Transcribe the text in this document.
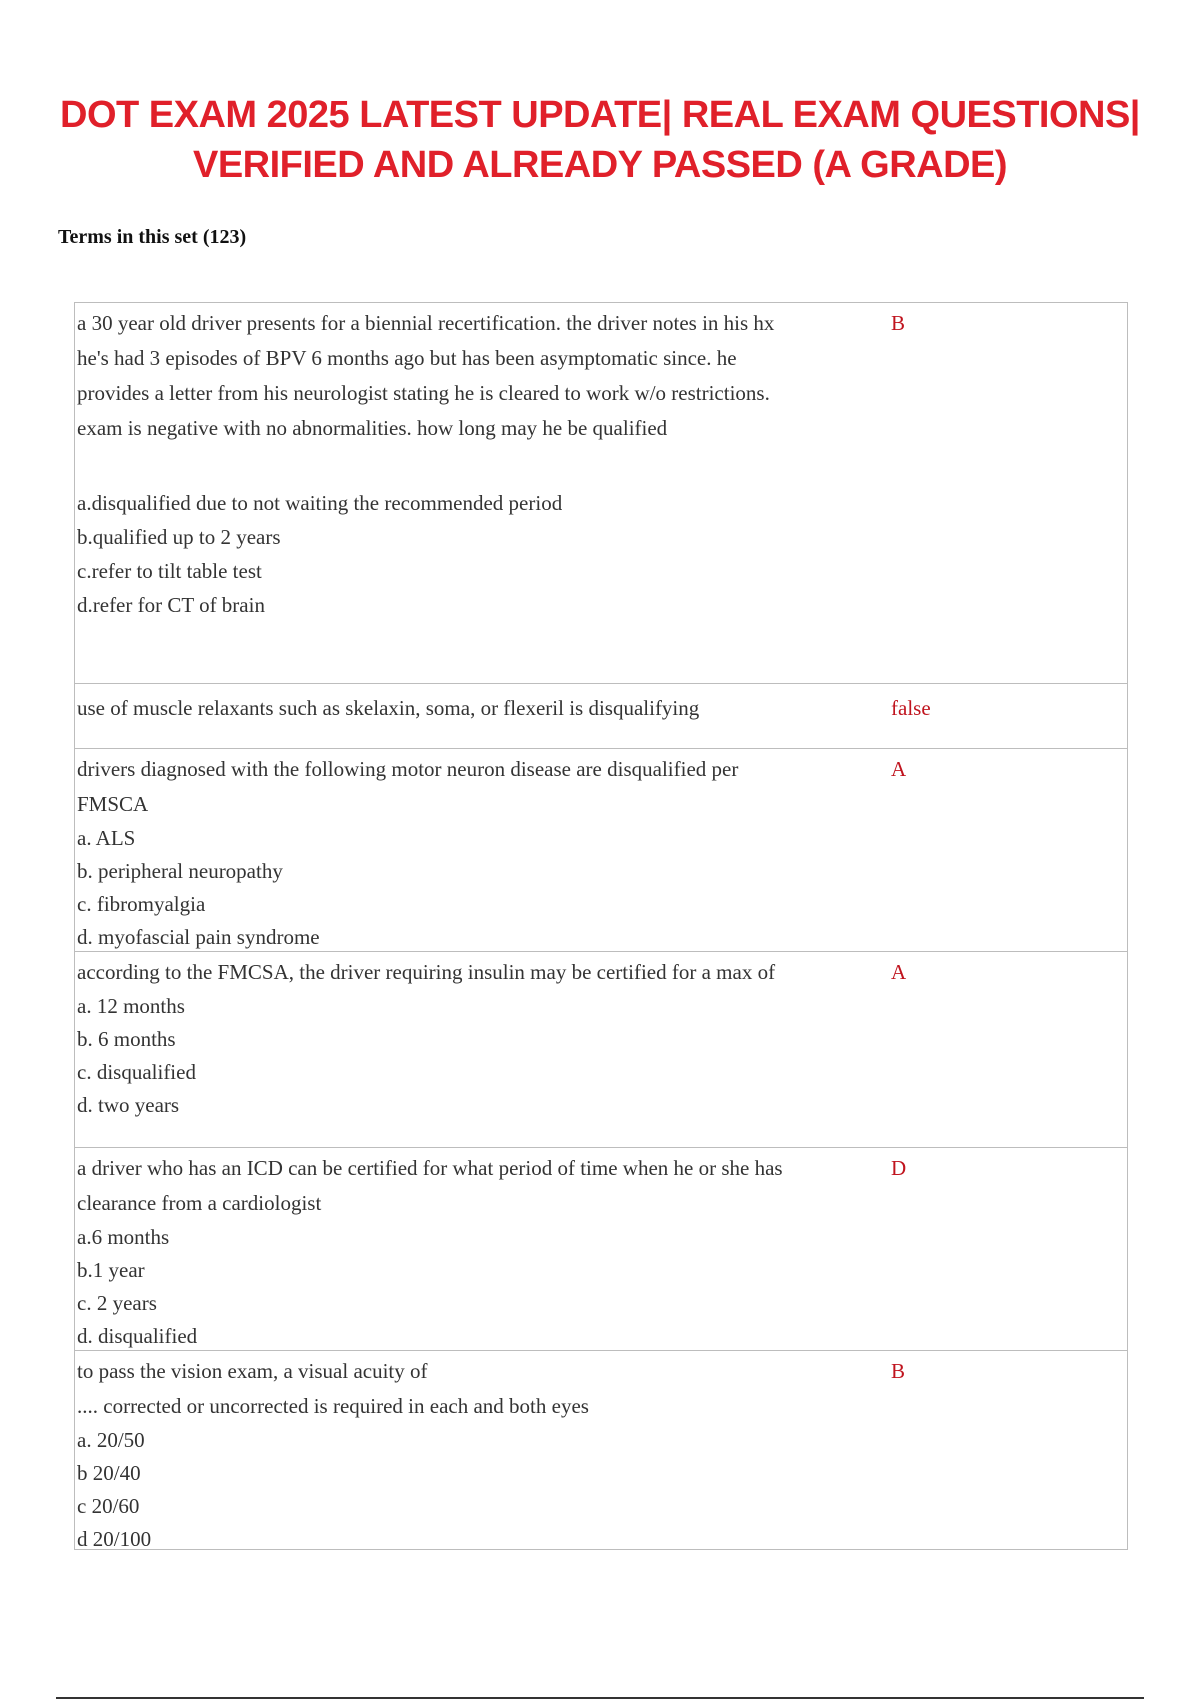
DOT EXAM 2025 LATEST UPDATE| REAL EXAM QUESTIONS|
VERIFIED AND ALREADY PASSED (A GRADE)
Terms in this set (123)
a 30 year old driver presents for a biennial recertification. the driver notes in his hx
he's had 3 episodes of BPV 6 months ago but has been asymptomatic since. he
provides a letter from his neurologist stating he is cleared to work w/o restrictions.
exam is negative with no abnormalities. how long may he be qualified
a.disqualified due to not waiting the recommended period
b.qualified up to 2 years
c.refer to tilt table test
d.refer for CT of brain
B
use of muscle relaxants such as skelaxin, soma, or flexeril is disqualifying	false
drivers diagnosed with the following motor neuron disease are disqualified per
FMSCA
a. ALS
b. peripheral neuropathy
c. fibromyalgia
d. myofascial pain syndrome
A
according to the FMCSA, the driver requiring insulin may be certified for a max of
a. 12 months
b. 6 months
c. disqualified
d. two years
A
a driver who has an ICD can be certified for what period of time when he or she has
clearance from a cardiologist
a.6 months
b.1 year
c. 2 years
d. disqualified
D
to pass the vision exam, a visual acuity of
.... corrected or uncorrected is required in each and both eyes
a. 20/50
b 20/40
c 20/60
d 20/100
B
